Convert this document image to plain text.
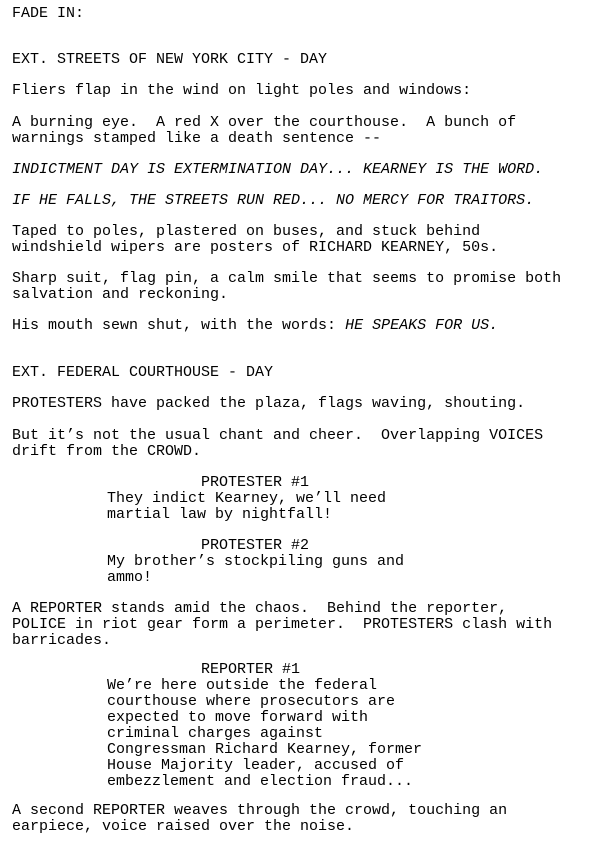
FADE IN:
EXT. STREETS OF NEW YORK CITY - DAY
Fliers flap in the wind on light poles and windows:
A burning eye.  A red X over the courthouse.  A bunch of
warnings stamped like a death sentence --
INDICTMENT DAY IS EXTERMINATION DAY... KEARNEY IS THE WORD.
IF HE FALLS, THE STREETS RUN RED... NO MERCY FOR TRAITORS.
Taped to poles, plastered on buses, and stuck behind
windshield wipers are posters of RICHARD KEARNEY, 50s.
Sharp suit, flag pin, a calm smile that seems to promise both
salvation and reckoning.
His mouth sewn shut, with the words: HE SPEAKS FOR US.
EXT. FEDERAL COURTHOUSE - DAY
PROTESTERS have packed the plaza, flags waving, shouting.
But it’s not the usual chant and cheer.  Overlapping VOICES
drift from the CROWD.
PROTESTER #1
They indict Kearney, we’ll need
martial law by nightfall!
PROTESTER #2
My brother’s stockpiling guns and
ammo!
A REPORTER stands amid the chaos.  Behind the reporter,
POLICE in riot gear form a perimeter.  PROTESTERS clash with
barricades.
REPORTER #1
We’re here outside the federal
courthouse where prosecutors are
expected to move forward with
criminal charges against
Congressman Richard Kearney, former
House Majority leader, accused of
embezzlement and election fraud...
A second REPORTER weaves through the crowd, touching an
earpiece, voice raised over the noise.
